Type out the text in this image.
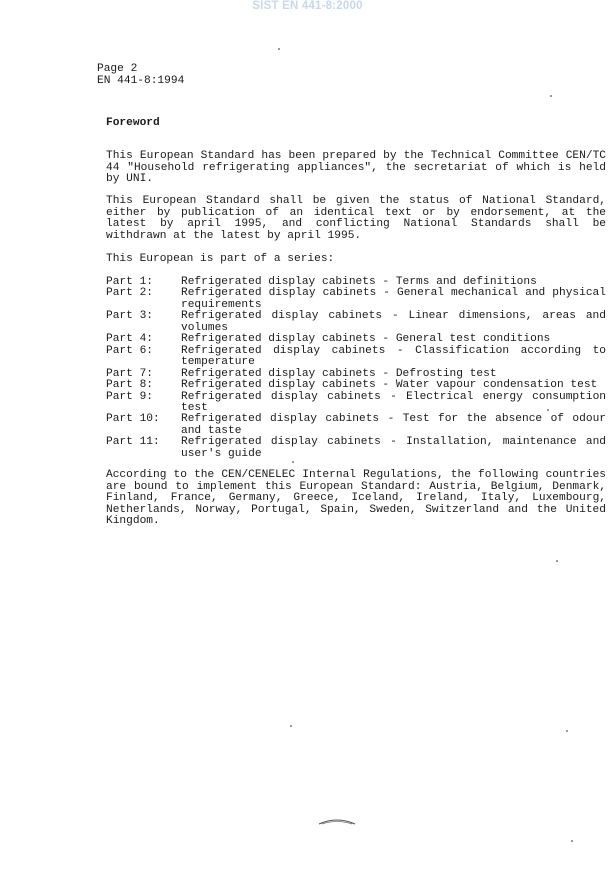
SIST EN 441-8:2000
Page 2
EN 441-8:1994
Foreword
This European Standard has been prepared by the Technical Committee CEN/TC 44 "Household refrigerating appliances", the secretariat of which is held by UNI.
This European Standard shall be given the status of National Standard, either by publication of an identical text or by endorsement, at the latest by april 1995, and conflicting National Standards shall be withdrawn at the latest by april 1995.
This European is part of a series:
Part 1:	Refrigerated display cabinets - Terms and definitions
Part 2:	Refrigerated display cabinets - General mechanical and physical requirements
Part 3:	Refrigerated display cabinets - Linear dimensions, areas and volumes
Part 4:	Refrigerated display cabinets - General test conditions
Part 6:	Refrigerated display cabinets - Classification according to temperature
Part 7:	Refrigerated display cabinets - Defrosting test
Part 8:	Refrigerated display cabinets - Water vapour condensation test
Part 9:	Refrigerated display cabinets - Electrical energy consumption test
Part 10:	Refrigerated display cabinets - Test for the absence of odour and taste
Part 11:	Refrigerated display cabinets - Installation, maintenance and user's guide
According to the CEN/CENELEC Internal Regulations, the following countries are bound to implement this European Standard: Austria, Belgium, Denmark, Finland, France, Germany, Greece, Iceland, Ireland, Italy, Luxembourg, Netherlands, Norway, Portugal, Spain, Sweden, Switzerland and the United Kingdom.
